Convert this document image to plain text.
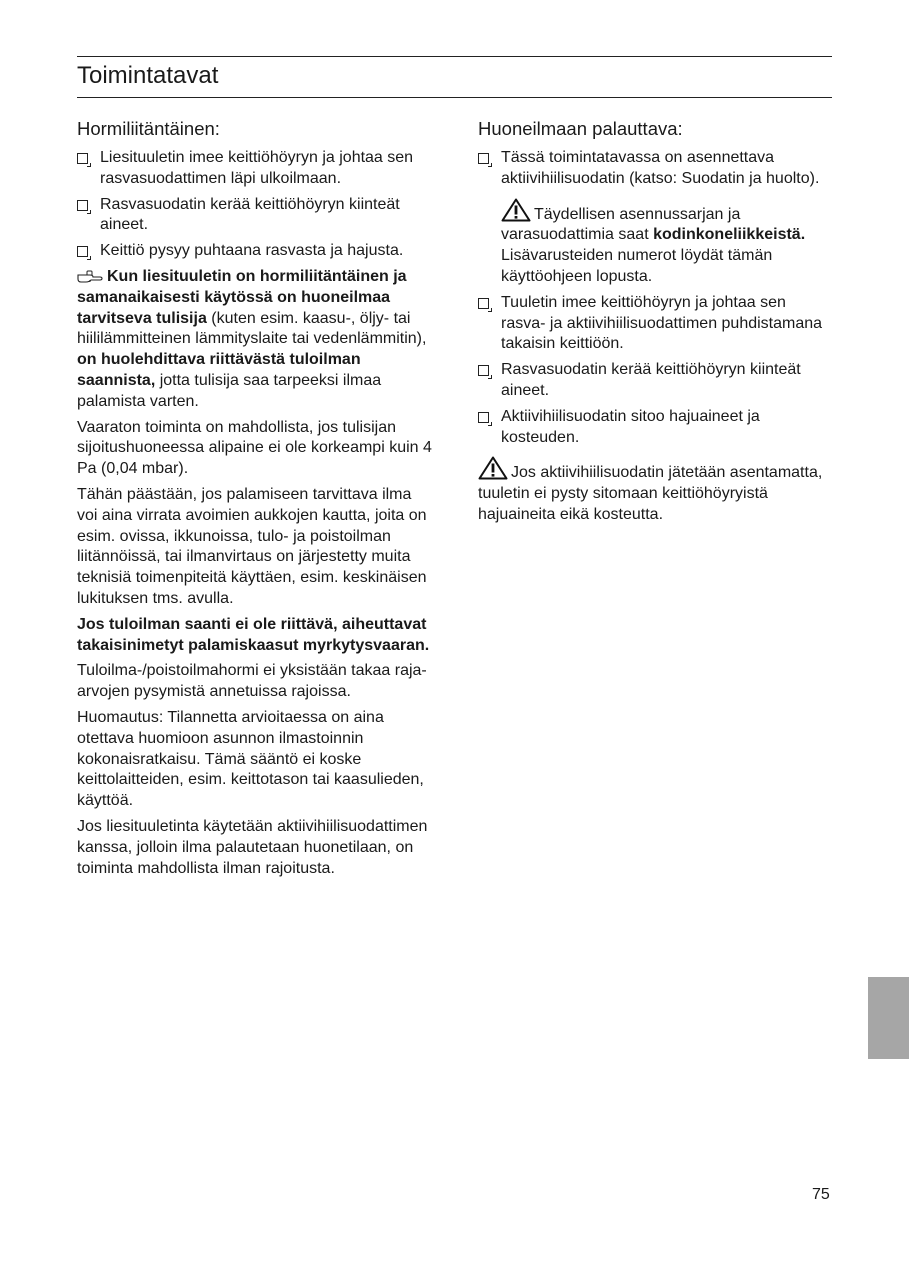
Toimintatavat
Hormiliitäntäinen:
Liesituuletin imee keittiöhöyryn ja johtaa sen rasvasuodattimen läpi ulkoilmaan.
Rasvasuodatin kerää keittiöhöyryn kiinteät aineet.
Keittiö pysyy puhtaana rasvasta ja hajusta.

Kun liesituuletin on hormiliitäntäinen ja samanaikaisesti käytössä on huoneilmaa tarvitseva tulisija (kuten esim. kaasu-, öljy- tai hiililämmitteinen lämmityslaite tai vedenlämmitin), on huolehdittava riittävästä tuloilman saannista, jotta tulisija saa tarpeeksi ilmaa palamista varten.

Vaaraton toiminta on mahdollista, jos tulisijan sijoitushuoneessa alipaine ei ole korkeampi kuin 4 Pa (0,04 mbar).

Tähän päästään, jos palamiseen tarvittava ilma voi aina virrata avoimien aukkojen kautta, joita on esim. ovissa, ikkunoissa, tulo- ja poistoilman liitännöissä, tai ilmanvirtaus on järjestetty muita teknisiä toimenpiteitä käyttäen, esim. keskinäisen lukituksen tms. avulla.

Jos tuloilman saanti ei ole riittävä, aiheuttavat takaisinimetyt palamiskaasut myrkytysvaaran.

Tuloilma-/poistoilmahormi ei yksistään takaa raja-arvojen pysymistä annetuissa rajoissa.

Huomautus: Tilannetta arvioitaessa on aina otettava huomioon asunnon ilmastoinnin kokonaisratkaisu. Tämä sääntö ei koske keittolaitteiden, esim. keittotason tai kaasulieden, käyttöä.

Jos liesituuletinta käytetään aktiivihiilisuodattimen kanssa, jolloin ilma palautetaan huonetilaan, on toiminta mahdollista ilman rajoitusta.

Huoneilmaan palauttava:
Tässä toimintatavassa on asennettava aktiivihiilisuodatin (katso: Suodatin ja huolto).

Täydellisen asennussarjan ja varasuodattimia saat kodinkoneliikkeistä. Lisävarusteiden numerot löydät tämän käyttöohjeen lopusta.

Tuuletin imee keittiöhöyryn ja johtaa sen rasva- ja aktiivihiilisuodattimen puhdistamana takaisin keittiöön.
Rasvasuodatin kerää keittiöhöyryn kiinteät aineet.
Aktiivihiilisuodatin sitoo hajuaineet ja kosteuden.

Jos aktiivihiilisuodatin jätetään asentamatta, tuuletin ei pysty sitomaan keittiöhöyryistä hajuaineita eikä kosteutta.

75
